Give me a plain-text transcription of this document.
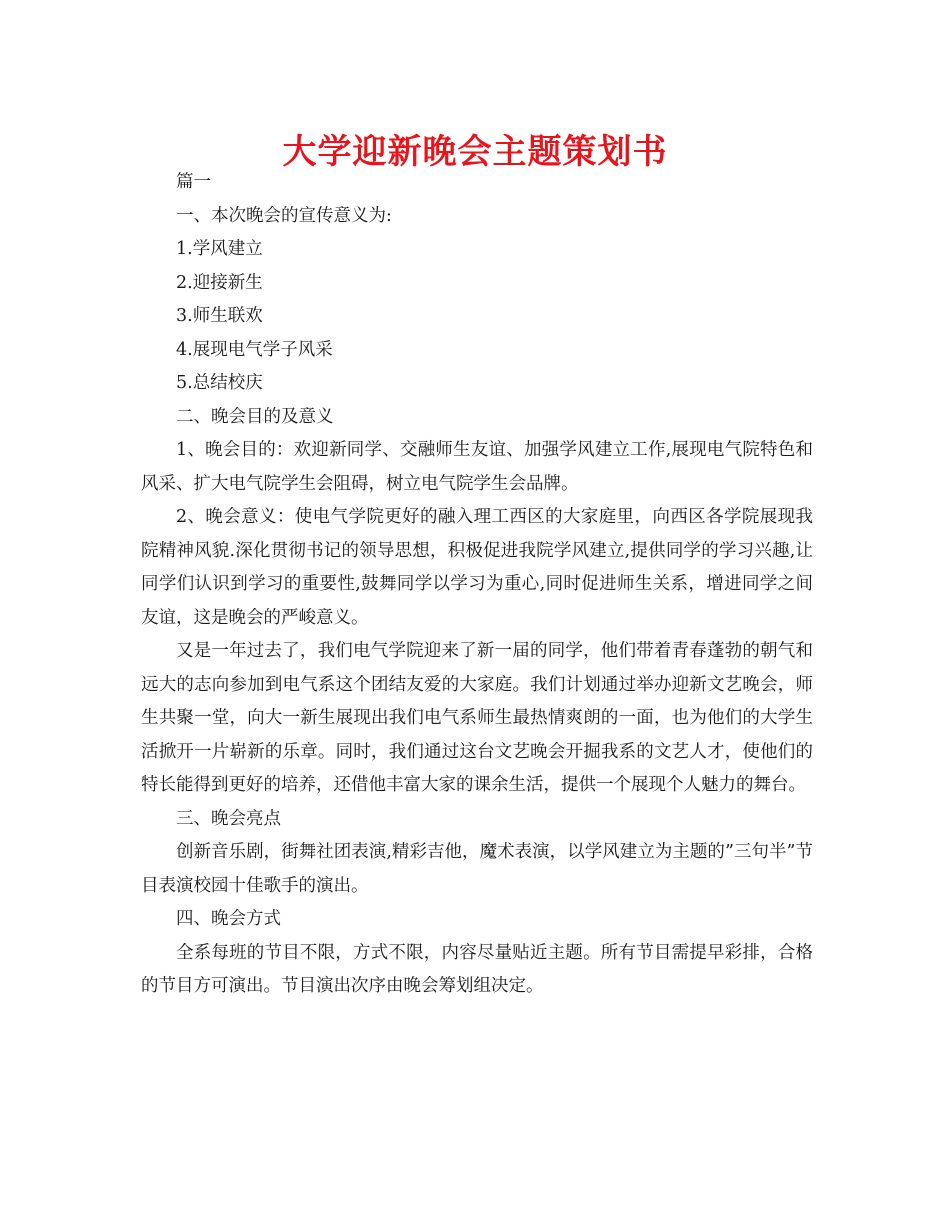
大学迎新晚会主题策划书

篇一

一、本次晚会的宣传意义为:

1.学风建立

2.迎接新生

3.师生联欢

4.展现电气学子风采

5.总结校庆

二、晚会目的及意义

1、晚会目的：欢迎新同学、交融师生友谊、加强学风建立工作,展现电气院特色和风采、扩大电气院学生会阻碍，树立电气院学生会品牌。

2、晚会意义：使电气学院更好的融入理工西区的大家庭里，向西区各学院展现我院精神风貌.深化贯彻书记的领导思想，积极促进我院学风建立,提供同学的学习兴趣,让同学们认识到学习的重要性,鼓舞同学以学习为重心,同时促进师生关系，增进同学之间友谊，这是晚会的严峻意义。

又是一年过去了，我们电气学院迎来了新一届的同学，他们带着青春蓬勃的朝气和远大的志向参加到电气系这个团结友爱的大家庭。我们计划通过举办迎新文艺晚会，师生共聚一堂，向大一新生展现出我们电气系师生最热情爽朗的一面，也为他们的大学生活掀开一片崭新的乐章。同时，我们通过这台文艺晚会开掘我系的文艺人才，使他们的特长能得到更好的培养，还借他丰富大家的课余生活，提供一个展现个人魅力的舞台。

三、晚会亮点

创新音乐剧，街舞社团表演,精彩吉他，魔术表演，以学风建立为主题的”三句半”节目表演校园十佳歌手的演出。

四、晚会方式

全系每班的节目不限，方式不限，内容尽量贴近主题。所有节目需提早彩排，合格的节目方可演出。节目演出次序由晚会筹划组决定。
